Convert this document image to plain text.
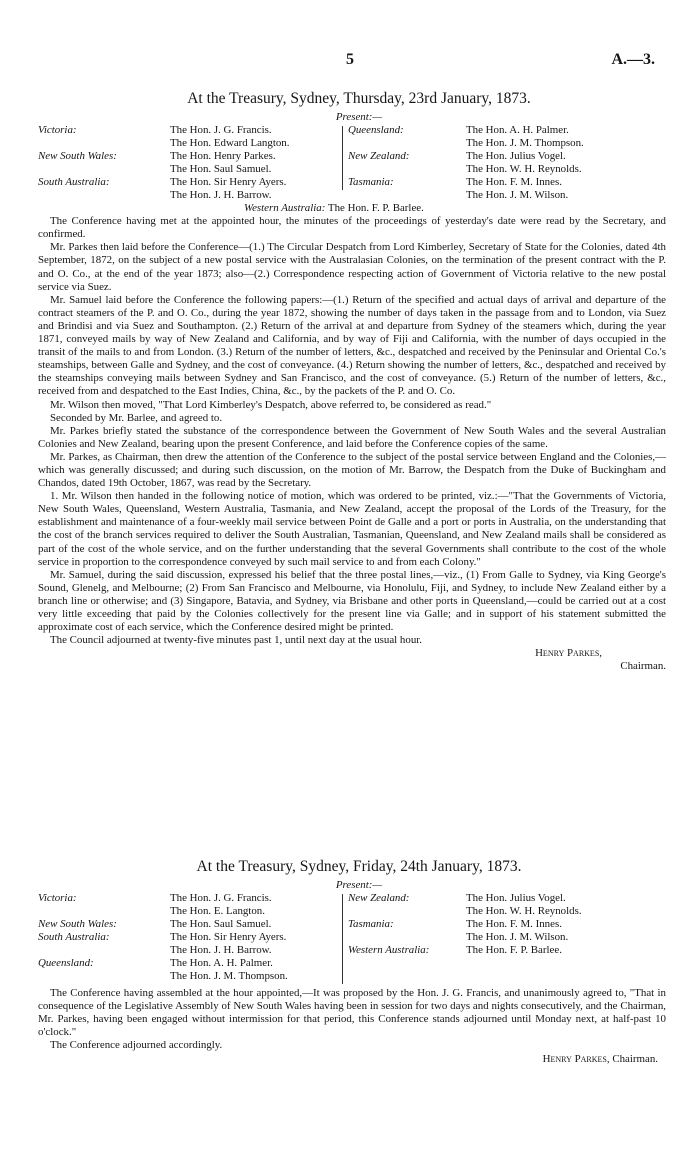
5	A.—3.
At the Treasury, Sydney, Thursday, 23rd January, 1873.
Present:—
Victoria:	The Hon. J. G. Francis.
The Hon. Edward Langton.
New South Wales:	The Hon. Henry Parkes.
The Hon. Saul Samuel.
South Australia:	The Hon. Sir Henry Ayers.
The Hon. J. H. Barrow.
Queensland:	The Hon. A. H. Palmer.
The Hon. J. M. Thompson.
New Zealand:	The Hon. Julius Vogel.
The Hon. W. H. Reynolds.
Tasmania:	The Hon. F. M. Innes.
The Hon. J. M. Wilson.
Western Australia: The Hon. F. P. Barlee.

The Conference having met at the appointed hour, the minutes of the proceedings of yesterday's date were read by the Secretary, and confirmed.

Mr. Parkes then laid before the Conference—(1.) The Circular Despatch from Lord Kimberley, Secretary of State for the Colonies, dated 4th September, 1872, on the subject of a new postal service with the Australasian Colonies, on the termination of the present contract with the P. and O. Co., at the end of the year 1873; also—(2.) Correspondence respecting action of Government of Victoria relative to the new postal service via Suez.

Mr. Samuel laid before the Conference the following papers:—(1.) Return of the specified and actual days of arrival and departure of the contract steamers of the P. and O. Co., during the year 1872, showing the number of days taken in the passage from and to London, via Suez and Brindisi and via Suez and Southampton. (2.) Return of the arrival at and departure from Sydney of the steamers which, during the year 1871, conveyed mails by way of New Zealand and California, and by way of Fiji and California, with the number of days occupied in the transit of the mails to and from London. (3.) Return of the number of letters, &c., despatched and received by the Peninsular and Oriental Co.'s steamships, between Galle and Sydney, and the cost of conveyance. (4.) Return showing the number of letters, &c., despatched and received by the steamships conveying mails between Sydney and San Francisco, and the cost of conveyance. (5.) Return of the number of letters, &c., received from and despatched to the East Indies, China, &c., by the packets of the P. and O. Co.

Mr. Wilson then moved, "That Lord Kimberley's Despatch, above referred to, be considered as read."

Seconded by Mr. Barlee, and agreed to.

Mr. Parkes briefly stated the substance of the correspondence between the Government of New South Wales and the several Australian Colonies and New Zealand, bearing upon the present Conference, and laid before the Conference copies of the same.

Mr. Parkes, as Chairman, then drew the attention of the Conference to the subject of the postal service between England and the Colonies,—which was generally discussed; and during such discussion, on the motion of Mr. Barrow, the Despatch from the Duke of Buckingham and Chandos, dated 19th October, 1867, was read by the Secretary.

1. Mr. Wilson then handed in the following notice of motion, which was ordered to be printed, viz.:—"That the Governments of Victoria, New South Wales, Queensland, Western Australia, Tasmania, and New Zealand, accept the proposal of the Lords of the Treasury, for the establishment and maintenance of a four-weekly mail service between Point de Galle and a port or ports in Australia, on the understanding that the cost of the branch services required to deliver the South Australian, Tasmanian, Queensland, and New Zealand mails shall be considered as part of the cost of the whole service, and on the further understanding that the several Governments shall contribute to the cost of the whole service in proportion to the correspondence conveyed by such mail service to and from each Colony."

Mr. Samuel, during the said discussion, expressed his belief that the three postal lines,—viz., (1) From Galle to Sydney, via King George's Sound, Glenelg, and Melbourne; (2) From San Francisco and Melbourne, via Honolulu, Fiji, and Sydney, to include New Zealand either by a branch line or otherwise; and (3) Singapore, Batavia, and Sydney, via Brisbane and other ports in Queensland,—could be carried out at a cost very little exceeding that paid by the Colonies collectively for the present line via Galle; and in support of his statement submitted the approximate cost of each service, which the Conference desired might be printed.

The Council adjourned at twenty-five minutes past 1, until next day at the usual hour.

Henry Parkes,
Chairman.
At the Treasury, Sydney, Friday, 24th January, 1873.
Present:—
Victoria:	The Hon. J. G. Francis.
The Hon. E. Langton.
New South Wales:	The Hon. Saul Samuel.
South Australia:	The Hon. Sir Henry Ayers.
The Hon. J. H. Barrow.
Queensland:	The Hon. A. H. Palmer.
The Hon. J. M. Thompson.
New Zealand:	The Hon. Julius Vogel.
The Hon. W. H. Reynolds.
Tasmania:	The Hon. F. M. Innes.
The Hon. J. M. Wilson.
Western Australia:	The Hon. F. P. Barlee.

The Conference having assembled at the hour appointed,—It was proposed by the Hon. J. G. Francis, and unanimously agreed to, "That in consequence of the Legislative Assembly of New South Wales having been in session for two days and nights consecutively, and the Chairman, Mr. Parkes, having been engaged without intermission for that period, this Conference stands adjourned until Monday next, at half-past 10 o'clock."

The Conference adjourned accordingly.

Henry Parkes, Chairman.
